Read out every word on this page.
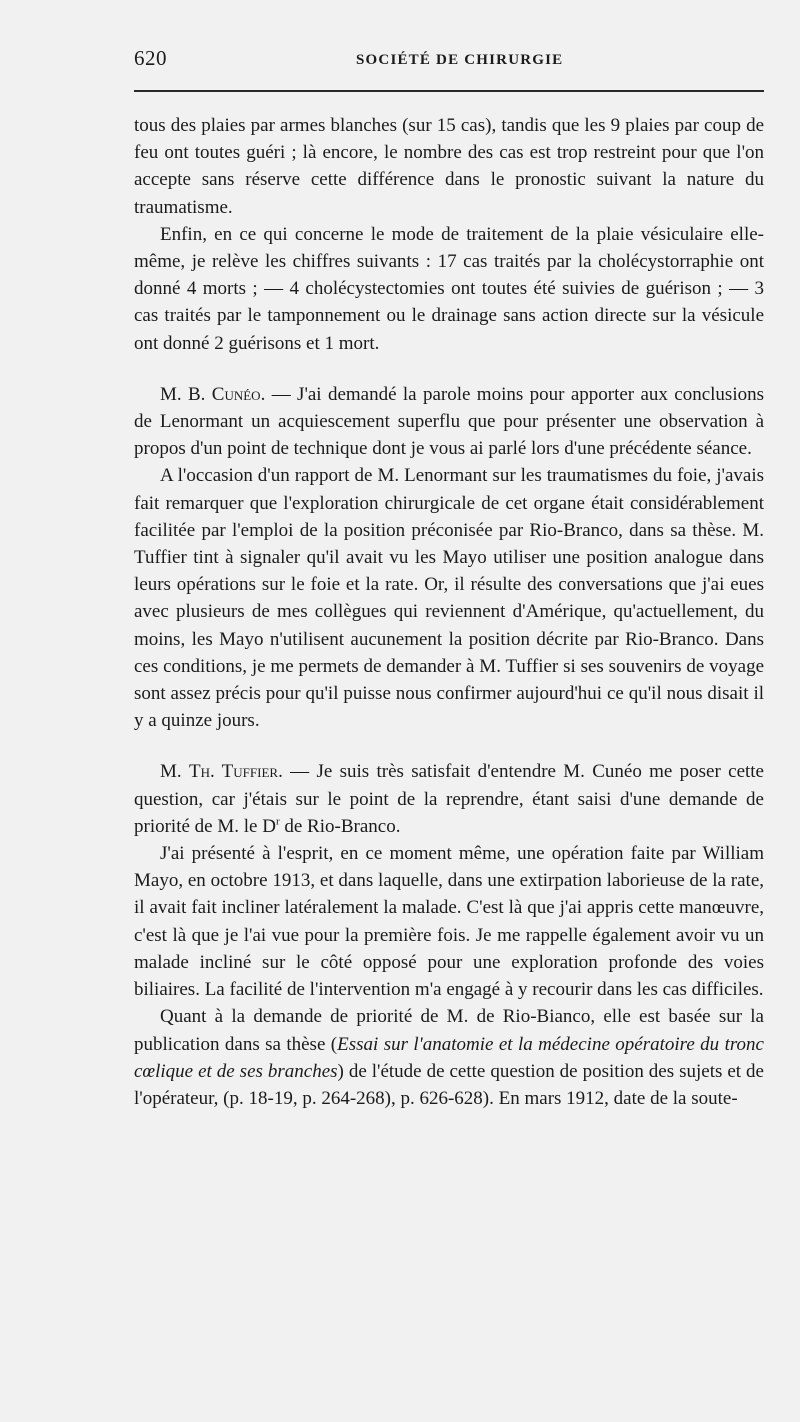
620	SOCIÉTÉ DE CHIRURGIE

tous des plaies par armes blanches (sur 15 cas), tandis que les 9 plaies par coup de feu ont toutes guéri ; là encore, le nombre des cas est trop restreint pour que l'on accepte sans réserve cette différence dans le pronostic suivant la nature du traumatisme.

Enfin, en ce qui concerne le mode de traitement de la plaie vésiculaire elle-même, je relève les chiffres suivants : 17 cas traités par la cholécystorraphie ont donné 4 morts ; — 4 cholécystectomies ont toutes été suivies de guérison ; — 3 cas traités par le tamponnement ou le drainage sans action directe sur la vésicule ont donné 2 guérisons et 1 mort.

M. B. Cunéo. — J'ai demandé la parole moins pour apporter aux conclusions de Lenormant un acquiescement superflu que pour présenter une observation à propos d'un point de technique dont je vous ai parlé lors d'une précédente séance.

A l'occasion d'un rapport de M. Lenormant sur les traumatismes du foie, j'avais fait remarquer que l'exploration chirurgicale de cet organe était considérablement facilitée par l'emploi de la position préconisée par Rio-Branco, dans sa thèse. M. Tuffier tint à signaler qu'il avait vu les Mayo utiliser une position analogue dans leurs opérations sur le foie et la rate. Or, il résulte des conversations que j'ai eues avec plusieurs de mes collègues qui reviennent d'Amérique, qu'actuellement, du moins, les Mayo n'utilisent aucunement la position décrite par Rio-Branco. Dans ces conditions, je me permets de demander à M. Tuffier si ses souvenirs de voyage sont assez précis pour qu'il puisse nous confirmer aujourd'hui ce qu'il nous disait il y a quinze jours.

M. Th. Tuffier. — Je suis très satisfait d'entendre M. Cunéo me poser cette question, car j'étais sur le point de la reprendre, étant saisi d'une demande de priorité de M. le $D^r$ de Rio-Branco.

J'ai présenté à l'esprit, en ce moment même, une opération faite par William Mayo, en octobre 1913, et dans laquelle, dans une extirpation laborieuse de la rate, il avait fait incliner latéralement la malade. C'est là que j'ai appris cette manœuvre, c'est là que je l'ai vue pour la première fois. Je me rappelle également avoir vu un malade incliné sur le côté opposé pour une exploration profonde des voies biliaires. La facilité de l'intervention m'a engagé à y recourir dans les cas difficiles.

Quant à la demande de priorité de M. de Rio-Bianco, elle est basée sur la publication dans sa thèse (Essai sur l'anatomie et la médecine opératoire du tronc cœlique et de ses branches) de l'étude de cette question de position des sujets et de l'opérateur, (p. 18-19, p. 264-268), p. 626-628). En mars 1912, date de la soute-
